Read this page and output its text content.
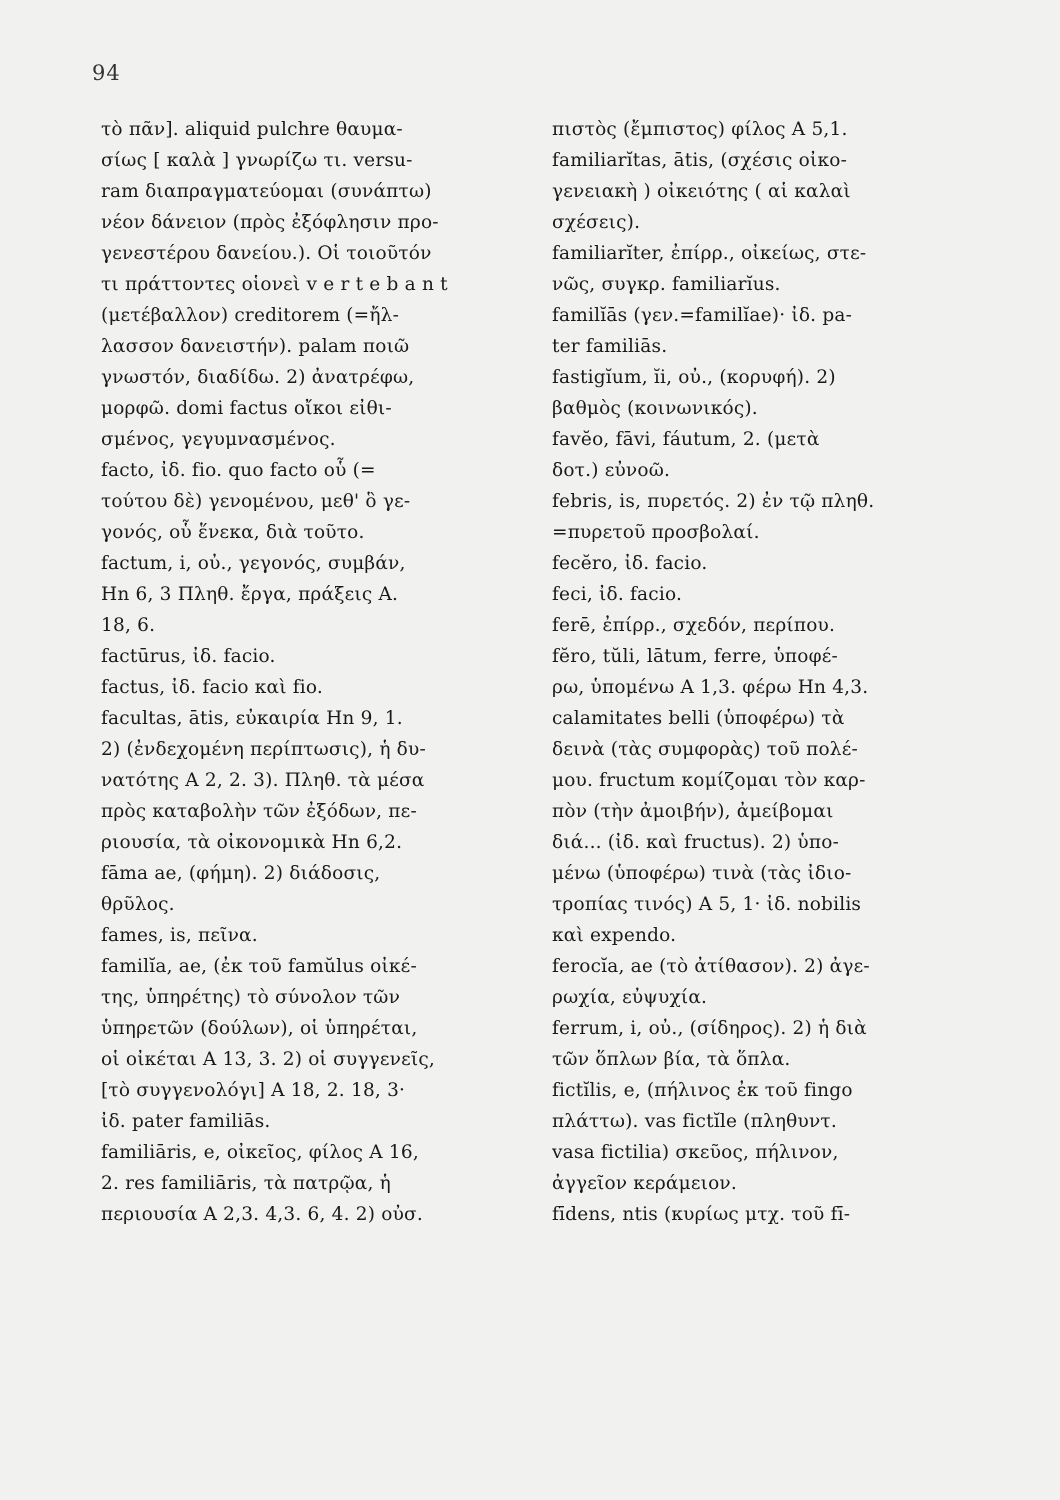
94
τὸ πᾶν]. aliquid pulchre θαυμα-
σίως [ καλὰ ] γνωρίζω τι. versu-
ram διαπραγματεύομαι (συνάπτω)
νέον δάνειον (πρὸς ἐξόφλησιν προ-
γενεστέρου δανείου.). Οἱ τοιοῦτόν
τι πράττοντες οἱονεὶ v e r t e b a n t
(μετέβαλλον) creditorem (=ἤλ-
λασσον δανειστήν). palam ποιῶ
γνωστόν, διαδίδω. 2) ἀνατρέφω,
μορφῶ. domi factus οἴκοι εἰθι-
σμένος, γεγυμνασμένος.
facto, ἰδ. fio. quo facto οὗ (=
τούτου δὲ) γενομένου, μεθ' ὃ γε-
γονός, οὗ ἕνεκα, διὰ τοῦτο.
factum, i, οὐ., γεγονός, συμβάν,
Ηn 6, 3 Πληθ. ἔργα, πράξεις Α.
18, 6.
factūrus, ἰδ. facio.
factus, ἰδ. facio καὶ fio.
facultas, ātis, εὐκαιρία Ηn 9, 1.
2) (ἐνδεχομένη περίπτωσις), ἡ δυ-
νατότης Α 2, 2. 3). Πληθ. τὰ μέσα
πρὸς καταβολὴν τῶν ἐξόδων, πε-
ριουσία, τὰ οἰκονομικὰ Ηn 6,2.
fāma ae, (φήμη). 2) διάδοσις,
θρῦλος.
fames, is, πεῖνα.
familĭa, ae, (ἐκ τοῦ famŭlus οἰκέ-
της, ὑπηρέτης) τὸ σύνολον τῶν
ὑπηρετῶν (δούλων), οἱ ὑπηρέται,
οἱ οἰκέται Α 13, 3. 2) οἱ συγγενεῖς,
[τὸ συγγενολόγι] Α 18, 2. 18, 3·
ἰδ. pater familiās.
familiāris, e, οἰκεῖος, φίλος Α 16,
2. res familiāris, τὰ πατρῷα, ἡ
περιουσία Α 2,3. 4,3. 6, 4. 2) οὐσ.
πιστὸς (ἔμπιστος) φίλος Α 5,1.
familiarĭtas, ātis, (σχέσις οἰκο-
γενειακὴ ) οἰκειότης ( αἱ καλαὶ
σχέσεις).
familiarĭter, ἐπίρρ., οἰκείως, στε-
νῶς, συγκρ. familiarĭus.
familĭās (γεν.=familĭae)· ἰδ. pa-
ter familiās.
fastigĭum, ĭi, οὐ., (κορυφή). 2)
βαθμὸς (κοινωνικός).
favĕo, fāvi, fáutum, 2. (μετὰ
δοτ.) εὐνοῶ.
febris, is, πυρετός. 2) ἐν τῷ πληθ.
=πυρετοῦ προσβολαί.
fecĕro, ἰδ. facio.
feci, ἰδ. facio.
ferē, ἐπίρρ., σχεδόν, περίπου.
fĕro, tŭli, lātum, ferre, ὑποφέ-
ρω, ὑπομένω Α 1,3. φέρω Ηn 4,3.
calamitates belli (ὑποφέρω) τὰ
δεινὰ (τὰς συμφορὰς) τοῦ πολέ-
μου. fructum κομίζομαι τὸν καρ-
πὸν (τὴν ἀμοιβήν), ἀμείβομαι
διά... (ἰδ. καὶ fructus). 2) ὑπο-
μένω (ὑποφέρω) τινὰ (τὰς ἰδιο-
τροπίας τινός) Α 5, 1· ἰδ. nobilis
καὶ expendo.
ferocĭa, ae (τὸ ἀτίθασον). 2) ἀγε-
ρωχία, εὐψυχία.
ferrum, i, οὐ., (σίδηρος). 2) ἡ διὰ
τῶν ὅπλων βία, τὰ ὅπλα.
fictĭlis, e, (πήλινος ἐκ τοῦ fingo
πλάττω). vas fictĭle (πληθυντ.
vasa fictilia) σκεῦος, πήλινον,
ἀγγεῖον κεράμειον.
fīdens, ntis (κυρίως μτχ. τοῦ fī-
